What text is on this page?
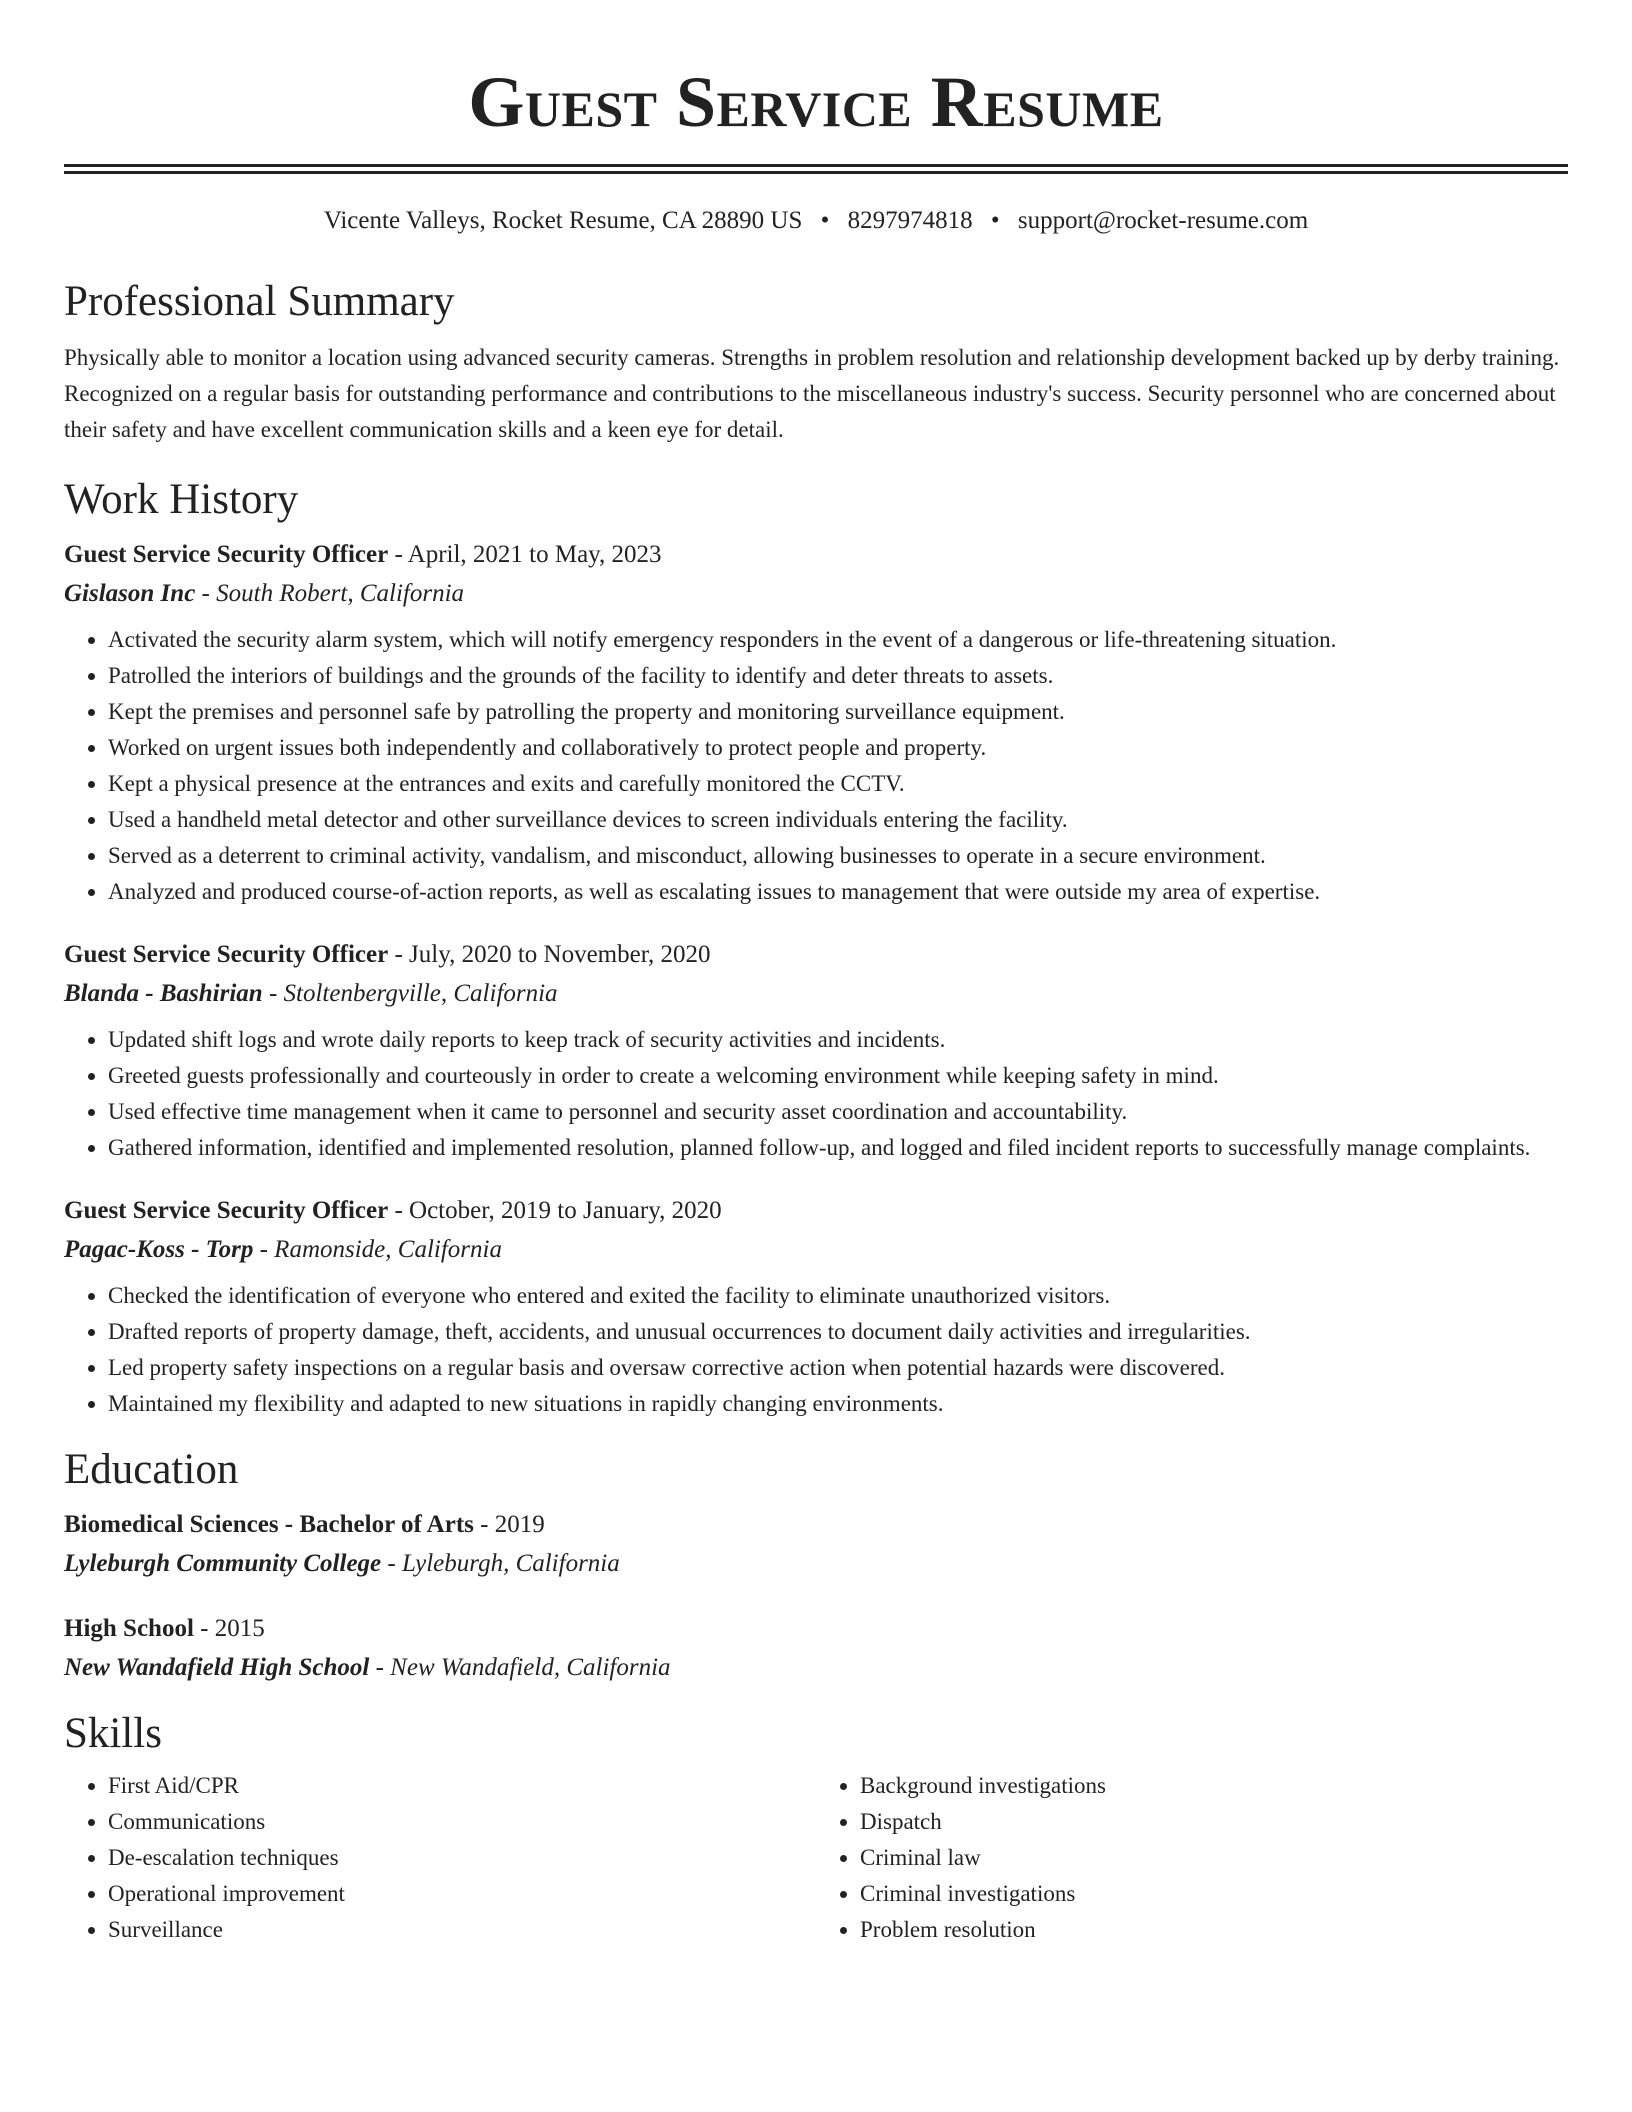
Guest Service Resume
Vicente Valleys, Rocket Resume, CA 28890 US • 8297974818 • support@rocket-resume.com
Professional Summary

Physically able to monitor a location using advanced security cameras. Strengths in problem resolution and relationship development backed up by derby training. Recognized on a regular basis for outstanding performance and contributions to the miscellaneous industry's success. Security personnel who are concerned about their safety and have excellent communication skills and a keen eye for detail.

Work History
Guest Service Security Officer - April, 2021 to May, 2023
Gislason Inc - South Robert, California
• Activated the security alarm system, which will notify emergency responders in the event of a dangerous or life-threatening situation.
• Patrolled the interiors of buildings and the grounds of the facility to identify and deter threats to assets.
• Kept the premises and personnel safe by patrolling the property and monitoring surveillance equipment.
• Worked on urgent issues both independently and collaboratively to protect people and property.
• Kept a physical presence at the entrances and exits and carefully monitored the CCTV.
• Used a handheld metal detector and other surveillance devices to screen individuals entering the facility.
• Served as a deterrent to criminal activity, vandalism, and misconduct, allowing businesses to operate in a secure environment.
• Analyzed and produced course-of-action reports, as well as escalating issues to management that were outside my area of expertise.
Guest Service Security Officer - July, 2020 to November, 2020
Blanda - Bashirian - Stoltenbergville, California
• Updated shift logs and wrote daily reports to keep track of security activities and incidents.
• Greeted guests professionally and courteously in order to create a welcoming environment while keeping safety in mind.
• Used effective time management when it came to personnel and security asset coordination and accountability.
• Gathered information, identified and implemented resolution, planned follow-up, and logged and filed incident reports to successfully manage complaints.
Guest Service Security Officer - October, 2019 to January, 2020
Pagac-Koss - Torp - Ramonside, California
• Checked the identification of everyone who entered and exited the facility to eliminate unauthorized visitors.
• Drafted reports of property damage, theft, accidents, and unusual occurrences to document daily activities and irregularities.
• Led property safety inspections on a regular basis and oversaw corrective action when potential hazards were discovered.
• Maintained my flexibility and adapted to new situations in rapidly changing environments.
Education
Biomedical Sciences - Bachelor of Arts - 2019
Lyleburgh Community College - Lyleburgh, California
High School - 2015
New Wandafield High School - New Wandafield, California
Skills
• First Aid/CPR
• Communications
• De-escalation techniques
• Operational improvement
• Surveillance
• Background investigations
• Dispatch
• Criminal law
• Criminal investigations
• Problem resolution
